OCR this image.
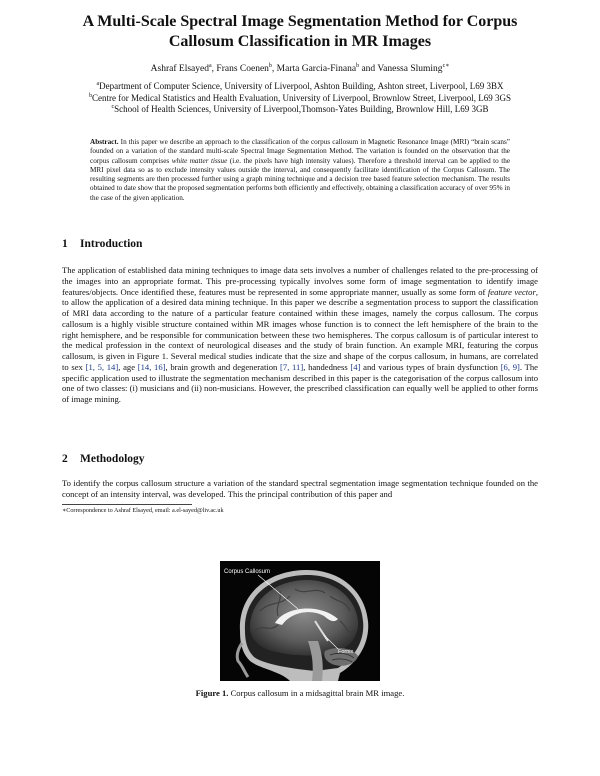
A Multi-Scale Spectral Image Segmentation Method for Corpus
Callosum Classification in MR Images
Ashraf Elsayed$^a$, Frans Coenen$^b$, Marta Garcia-Finana$^b$ and Vanessa Sluming$^{c∗}$
$^a$Department of Computer Science, University of Liverpool, Ashton Building, Ashton street, Liverpool, L69 3BX
$^b$Centre for Medical Statistics and Health Evaluation, University of Liverpool, Brownlow Street, Liverpool, L69 3GS
$^c$School of Health Sciences, University of Liverpool,Thomson-Yates Building, Brownlow Hill, L69 3GB
Abstract. In this paper we describe an approach to the classification of the corpus callosum in Magnetic Resonance Image (MRI) “brain scans” founded on a variation of the standard multi-scale Spectral Image Segmentation Method. The variation is founded on the observation that the corpus callosum comprises white matter tissue (i.e. the pixels have high intensity values). Therefore a threshold interval can be applied to the MRI pixel data so as to exclude intensity values outside the interval, and consequently facilitate identification of the Corpus Callosum. The resulting segments are then processed further using a graph mining technique and a decision tree based feature selection mechanism. The results obtained to date show that the proposed segmentation performs both efficiently and effectively, obtaining a classification accuracy of over 95% in the case of the given application.
1 Introduction
The application of established data mining techniques to image data sets involves a number of challenges related to the pre-processing of the images into an appropriate format. This pre-processing typically involves some form of image segmentation to identify image features/objects. Once identified these, features must be represented in some appropriate manner, usually as some form of feature vector, to allow the application of a desired data mining technique. In this paper we describe a segmentation process to support the classification of MRI data according to the nature of a particular feature contained within these images, namely the corpus callosum. The corpus callosum is a highly visible structure contained within MR images whose function is to connect the left hemisphere of the brain to the right hemisphere, and be responsible for communication between these two hemispheres. The corpus callosum is of particular interest to the medical profession in the context of neurological diseases and the study of brain function. An example MRI, featuring the corpus callosum, is given in Figure 1. Several medical studies indicate that the size and shape of the corpus callosum, in humans, are correlated to sex [1, 5, 14], age [14, 16], brain growth and degeneration [7, 11], handedness [4] and various types of brain dysfunction [6, 9]. The specific application used to illustrate the segmentation mechanism described in this paper is the categorisation of the corpus callosum into one of two classes: (i) musicians and (ii) non-musicians. However, the prescribed classification can equally well be applied to other forms of image mining.
2 Methodology
To identify the corpus callosum structure a variation of the standard spectral segmentation image segmentation technique founded on the concept of an intensity interval, was developed. This the principal contribution of this paper and
∗Correspondence to Ashraf Elsayed, email: a.el-sayed@liv.ac.uk
Corpus Callosum
Fornix
Figure 1. Corpus callosum in a midsagittal brain MR image.
